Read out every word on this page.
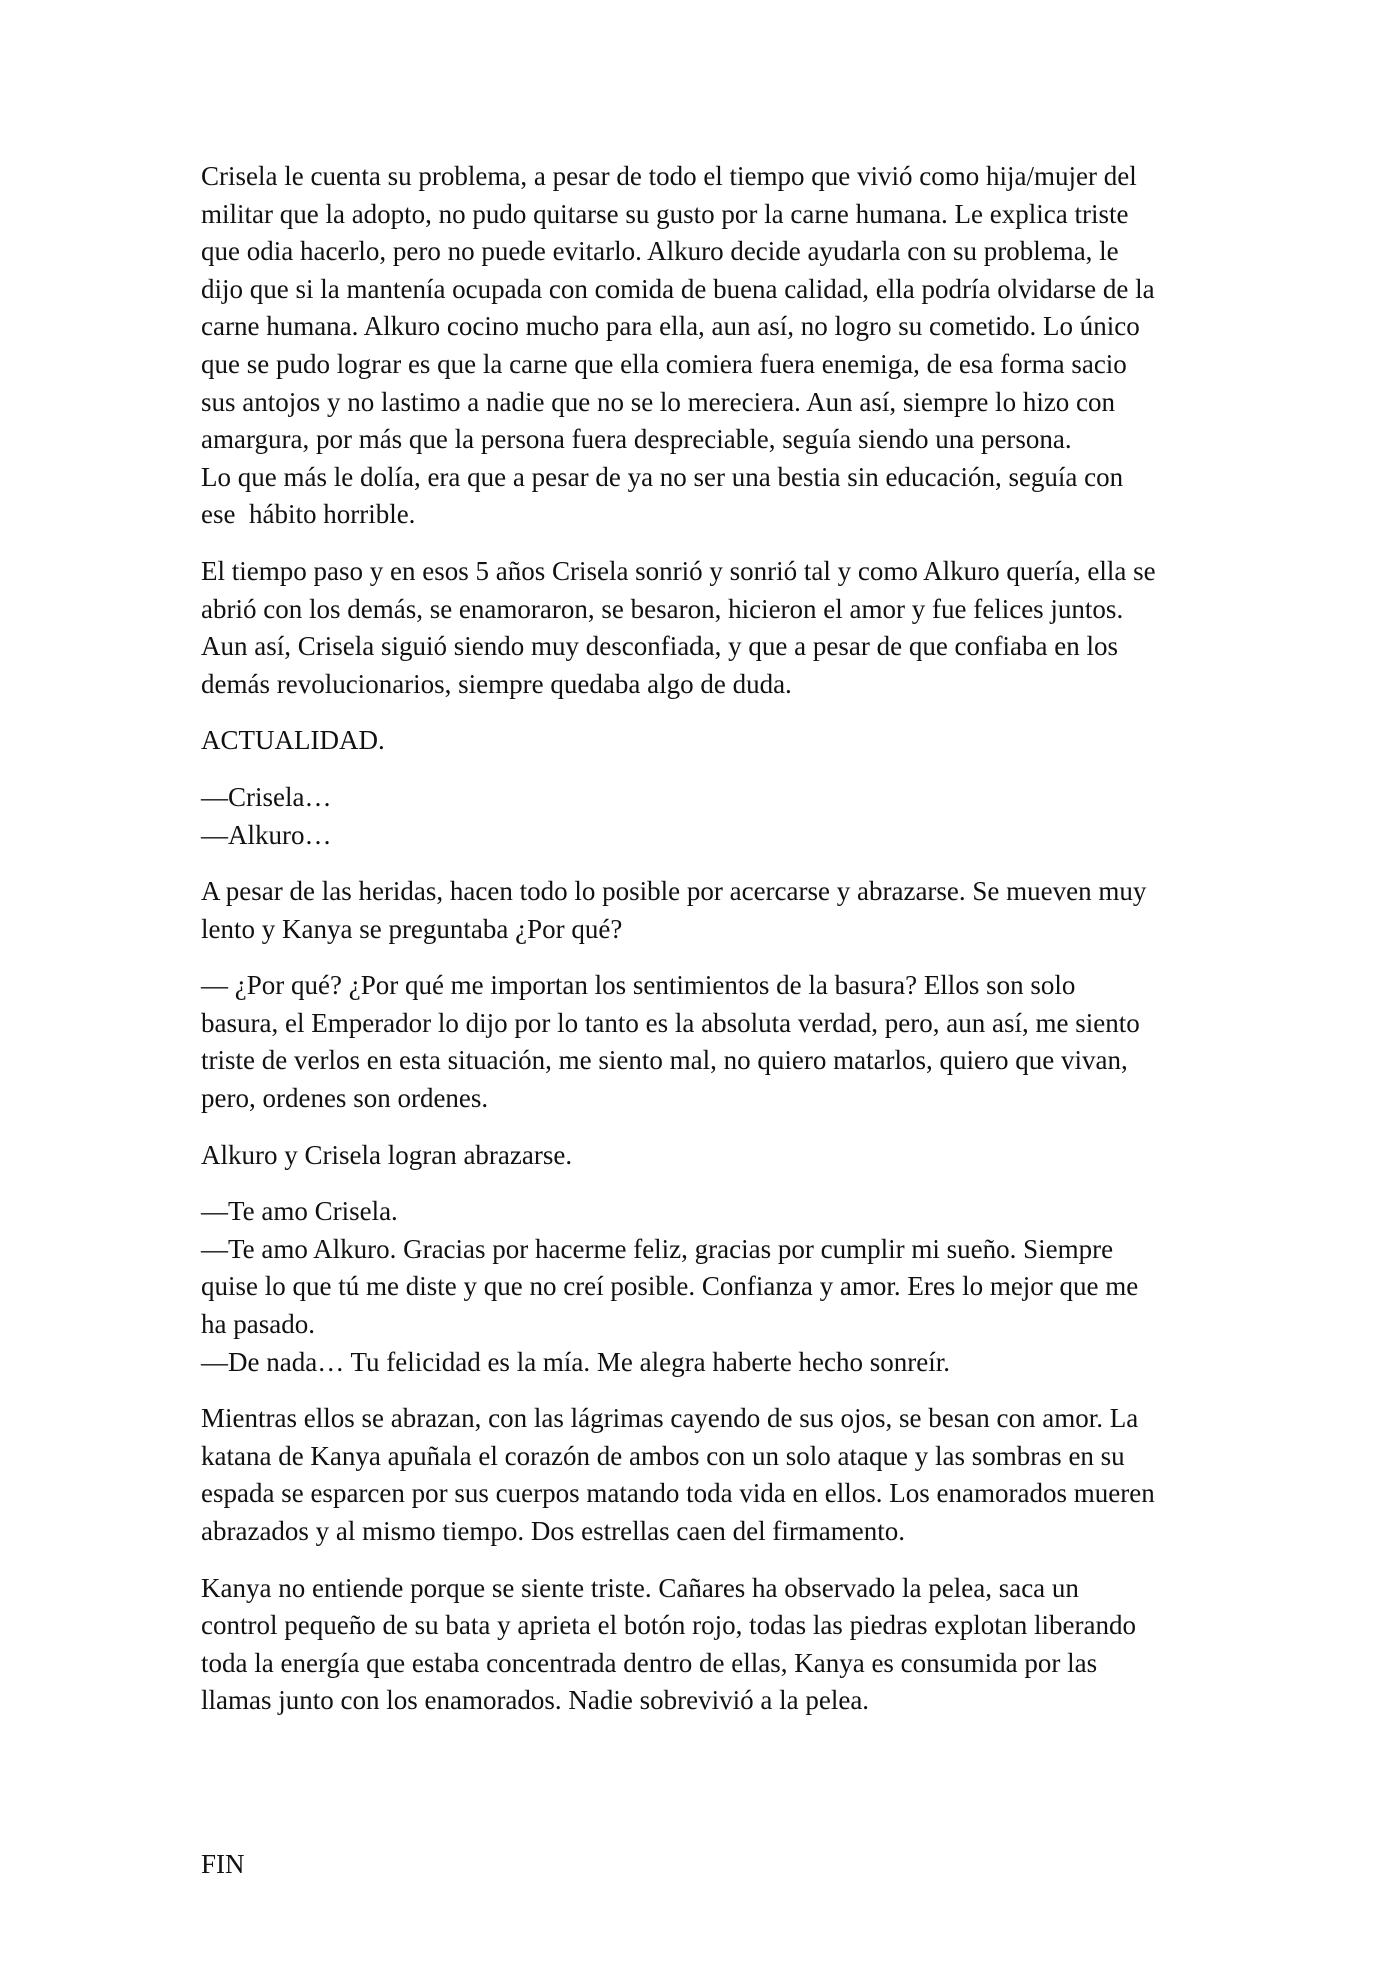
Crisela le cuenta su problema, a pesar de todo el tiempo que vivió como hija/mujer del
militar que la adopto, no pudo quitarse su gusto por la carne humana. Le explica triste
que odia hacerlo, pero no puede evitarlo. Alkuro decide ayudarla con su problema, le
dijo que si la mantenía ocupada con comida de buena calidad, ella podría olvidarse de la
carne humana. Alkuro cocino mucho para ella, aun así, no logro su cometido. Lo único
que se pudo lograr es que la carne que ella comiera fuera enemiga, de esa forma sacio
sus antojos y no lastimo a nadie que no se lo mereciera. Aun así, siempre lo hizo con
amargura, por más que la persona fuera despreciable, seguía siendo una persona.
Lo que más le dolía, era que a pesar de ya no ser una bestia sin educación, seguía con
ese  hábito horrible.

El tiempo paso y en esos 5 años Crisela sonrió y sonrió tal y como Alkuro quería, ella se
abrió con los demás, se enamoraron, se besaron, hicieron el amor y fue felices juntos.
Aun así, Crisela siguió siendo muy desconfiada, y que a pesar de que confiaba en los
demás revolucionarios, siempre quedaba algo de duda.

ACTUALIDAD.

—Crisela…
—Alkuro…

A pesar de las heridas, hacen todo lo posible por acercarse y abrazarse. Se mueven muy
lento y Kanya se preguntaba ¿Por qué?

— ¿Por qué? ¿Por qué me importan los sentimientos de la basura? Ellos son solo
basura, el Emperador lo dijo por lo tanto es la absoluta verdad, pero, aun así, me siento
triste de verlos en esta situación, me siento mal, no quiero matarlos, quiero que vivan,
pero, ordenes son ordenes.

Alkuro y Crisela logran abrazarse.

—Te amo Crisela.
—Te amo Alkuro. Gracias por hacerme feliz, gracias por cumplir mi sueño. Siempre
quise lo que tú me diste y que no creí posible. Confianza y amor. Eres lo mejor que me
ha pasado.
—De nada… Tu felicidad es la mía. Me alegra haberte hecho sonreír.

Mientras ellos se abrazan, con las lágrimas cayendo de sus ojos, se besan con amor. La
katana de Kanya apuñala el corazón de ambos con un solo ataque y las sombras en su
espada se esparcen por sus cuerpos matando toda vida en ellos. Los enamorados mueren
abrazados y al mismo tiempo. Dos estrellas caen del firmamento.

Kanya no entiende porque se siente triste. Cañares ha observado la pelea, saca un
control pequeño de su bata y aprieta el botón rojo, todas las piedras explotan liberando
toda la energía que estaba concentrada dentro de ellas, Kanya es consumida por las
llamas junto con los enamorados. Nadie sobrevivió a la pelea.

FIN
